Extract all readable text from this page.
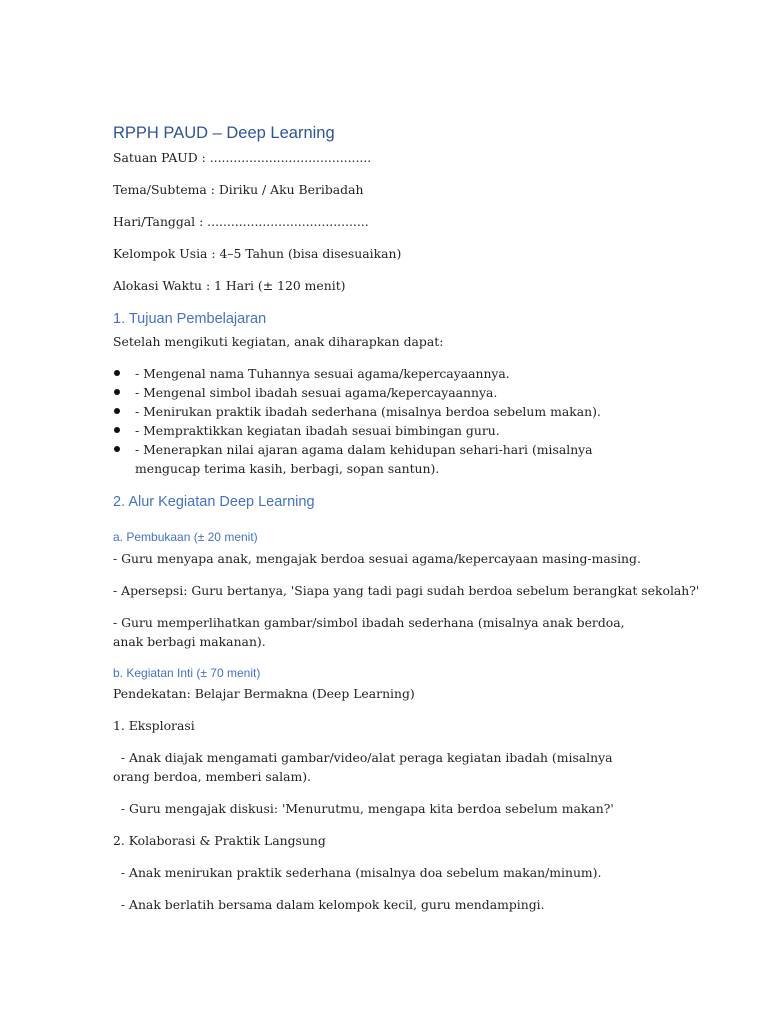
RPPH PAUD – Deep Learning
Satuan PAUD : .........................................
Tema/Subtema : Diriku / Aku Beribadah
Hari/Tanggal : .........................................
Kelompok Usia : 4–5 Tahun (bisa disesuaikan)
Alokasi Waktu : 1 Hari (± 120 menit)
1. Tujuan Pembelajaran
Setelah mengikuti kegiatan, anak diharapkan dapat:
- Mengenal nama Tuhannya sesuai agama/kepercayaannya.
- Mengenal simbol ibadah sesuai agama/kepercayaannya.
- Menirukan praktik ibadah sederhana (misalnya berdoa sebelum makan).
- Mempraktikkan kegiatan ibadah sesuai bimbingan guru.
- Menerapkan nilai ajaran agama dalam kehidupan sehari-hari (misalnya mengucap terima kasih, berbagi, sopan santun).
2. Alur Kegiatan Deep Learning
a. Pembukaan (± 20 menit)
- Guru menyapa anak, mengajak berdoa sesuai agama/kepercayaan masing-masing.
- Apersepsi: Guru bertanya, 'Siapa yang tadi pagi sudah berdoa sebelum berangkat sekolah?'
- Guru memperlihatkan gambar/simbol ibadah sederhana (misalnya anak berdoa, anak berbagi makanan).
b. Kegiatan Inti (± 70 menit)
Pendekatan: Belajar Bermakna (Deep Learning)
1. Eksplorasi
- Anak diajak mengamati gambar/video/alat peraga kegiatan ibadah (misalnya orang berdoa, memberi salam).
- Guru mengajak diskusi: 'Menurutmu, mengapa kita berdoa sebelum makan?'
2. Kolaborasi & Praktik Langsung
- Anak menirukan praktik sederhana (misalnya doa sebelum makan/minum).
- Anak berlatih bersama dalam kelompok kecil, guru mendampingi.
